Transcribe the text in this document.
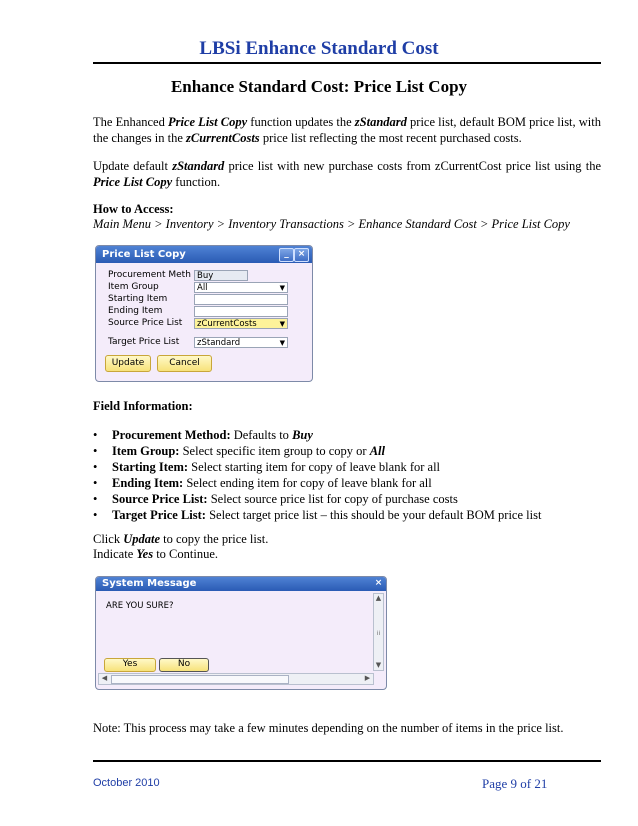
LBSi Enhance Standard Cost
Enhance Standard Cost: Price List Copy
The Enhanced Price List Copy function updates the zStandard price list, default BOM price list, with the changes in the zCurrentCosts price list reflecting the most recent purchased costs.
Update default zStandard price list with new purchase costs from zCurrentCost price list using the Price List Copy function.
How to Access:
Main Menu > Inventory > Inventory Transactions > Enhance Standard Cost > Price List Copy
Price List Copy	_ ×
Procurement Meth Buy
Item Group	All	▼
Starting Item
Ending Item
Source Price List	zCurrentCosts	▼
Target Price List	zStandard	▼
Update	Cancel
Field Information:
• Procurement Method: Defaults to Buy
• Item Group: Select specific item group to copy or All
• Starting Item: Select starting item for copy of leave blank for all
• Ending Item: Select ending item for copy of leave blank for all
• Source Price List: Select source price list for copy of purchase costs
• Target Price List: Select target price list – this should be your default BOM price list
Click Update to copy the price list.
Indicate Yes to Continue.
System Message	×
ARE YOU SURE?
▲
⁞⁞
▼
Yes	No
◀	▶
Note: This process may take a few minutes depending on the number of items in the price list.
October 2010	Page 9 of 21
